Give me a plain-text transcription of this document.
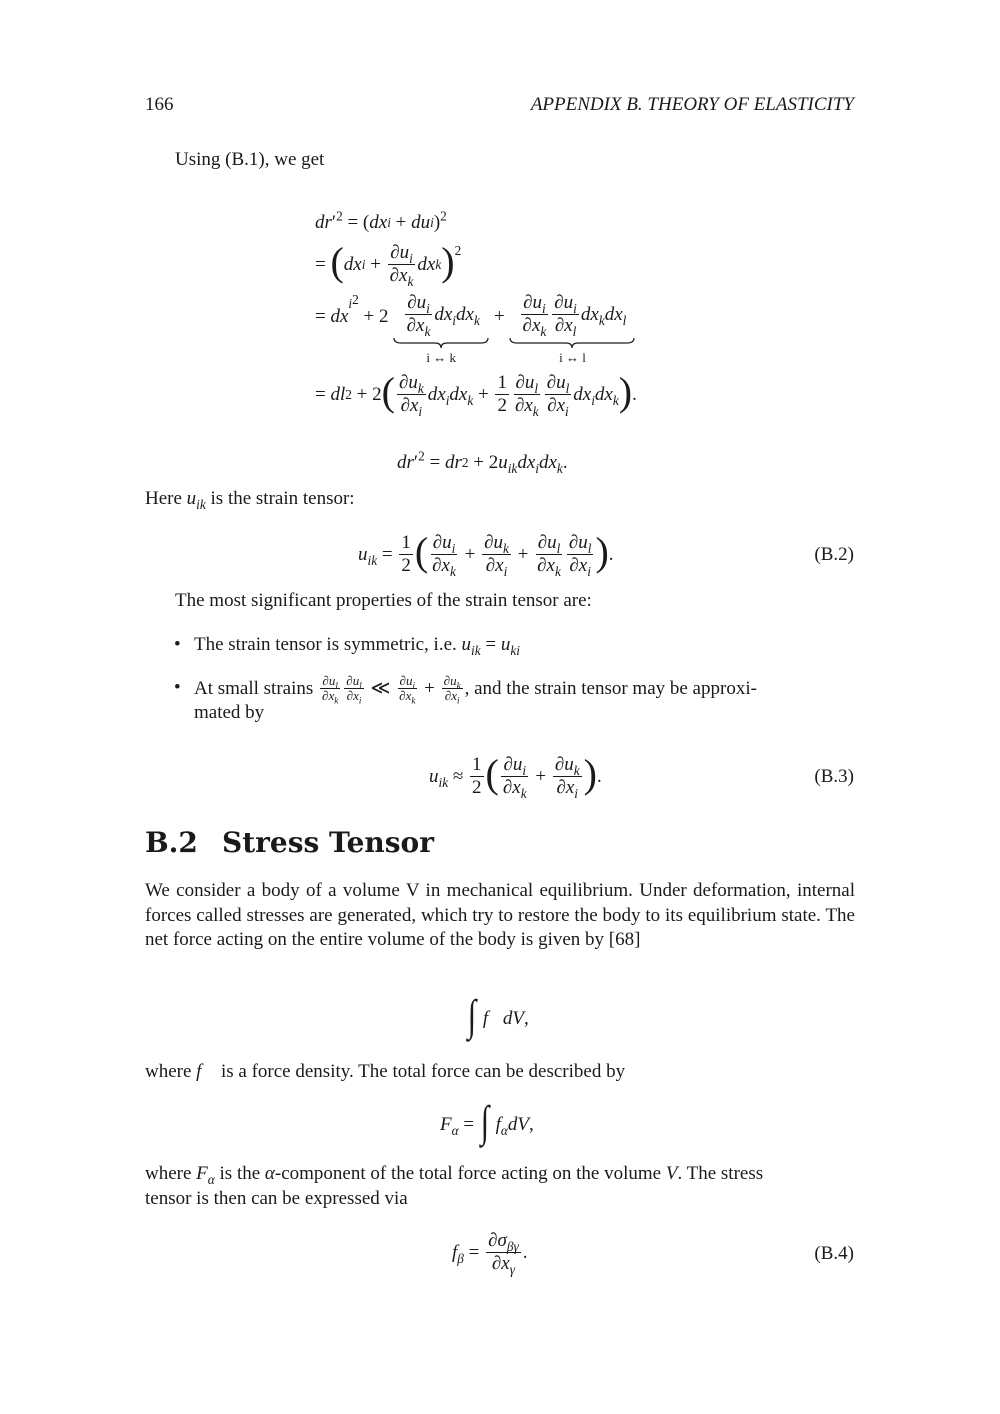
166	APPENDIX B. THEORY OF ELASTICITY
Using (B.1), we get
dr $'^2$ = ( dx i + du i )$^2$
= ( dx $i + \frac{\partial u_i}{\partial x_k}$ dx k )$^2$
= dx
$i^2$
+ $2 \frac{\partial u_i}{\partial x_k} dx_idx_k$
i ↔ k
+ $\frac{\partial u_i}{\partial x_k} \frac{\partial u_i}{\partial x_l} dx_kdx_l$
i ↔ l
= dl 2 + 2 ( $\frac{\partial u_k}{\partial x_i} dx_idx_k + \frac{1}{2} \frac{\partial u_l}{\partial x_k} \frac{\partial u_l}{\partial x_i} dx_idx_k$ ) .
dr $'^2$ = dr 2 + 2 $u_{ik}dx_idx_k$ .
Here
$u_{ik}$
is the strain tensor:
$u_{ik} = \frac{1}{2}$ ( $\frac{\partial u_i}{\partial x_k} + \frac{\partial u_k}{\partial x_i} + \frac{\partial u_l}{\partial x_k} \frac{\partial u_l}{\partial x_i}$ ) .	(B.2)
The most significant properties of the strain tensor are:
• The strain tensor is symmetric, i.e.
$u_{ik} = u_{ki}$
• At small strains
$\frac{\partial u_l}{\partial x_k} \frac{\partial u_l}{\partial x_i}$ ≪ $\frac{\partial u_i}{\partial x_k} + \frac{\partial u_k}{\partial x_i}$ , and the strain tensor may be approxi-
mated by
$u_{ik} \approx \frac{1}{2}$ ( $\frac{\partial u_i}{\partial x_k} + \frac{\partial u_k}{\partial x_i}$ ) .	(B.3)
B.2 Stress Tensor
We consider a body of a volume V in mechanical equilibrium. Under deformation, internal forces called stresses are generated, which try to restore the body to its equilibrium state. The net force acting on the entire volume of the body is given by [68]
∫ f⃗dV ,
where
f⃗
is a force density. The total force can be described by
$F_\alpha$ = ∫ $f_\alpha dV$ ,
where
$F_\alpha$
is the
α -component of the total force acting on the volume
V . The stress
tensor is then can be expressed via
$f_\beta = \frac{\partial\sigma_{\beta\gamma}}{\partial x_\gamma}$ .	(B.4)
